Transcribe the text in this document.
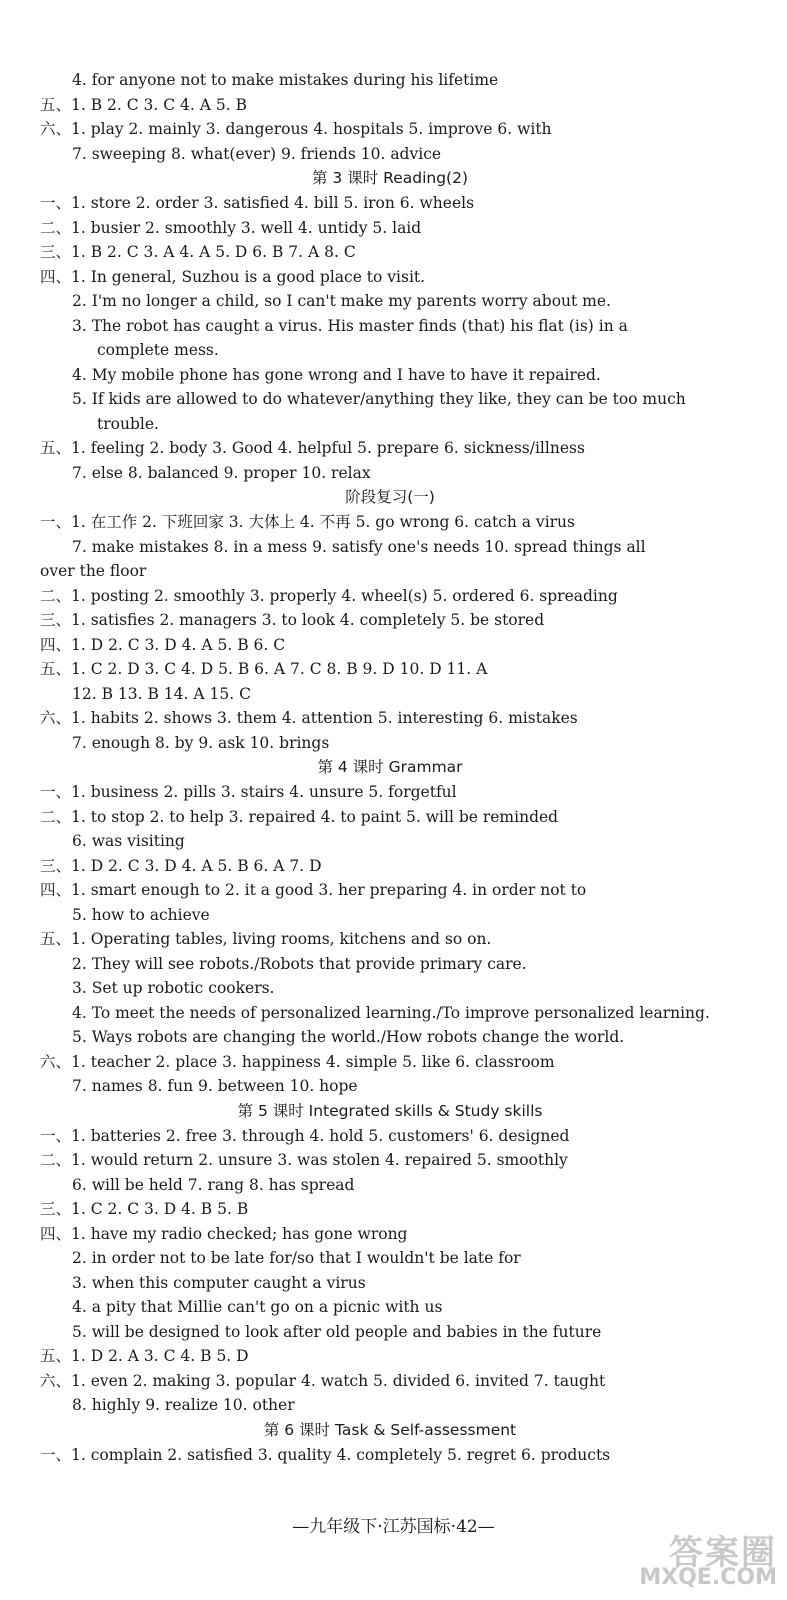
4. for anyone not to make mistakes during his lifetime
五、1. B 2. C 3. C 4. A 5. B
六、1. play 2. mainly 3. dangerous 4. hospitals 5. improve 6. with
7. sweeping 8. what(ever) 9. friends 10. advice
第 3 课时 Reading(2)
一、1. store 2. order 3. satisfied 4. bill 5. iron 6. wheels
二、1. busier 2. smoothly 3. well 4. untidy 5. laid
三、1. B 2. C 3. A 4. A 5. D 6. B 7. A 8. C
四、1. In general, Suzhou is a good place to visit.
2. I'm no longer a child, so I can't make my parents worry about me.
3. The robot has caught a virus. His master finds (that) his flat (is) in a
complete mess.
4. My mobile phone has gone wrong and I have to have it repaired.
5. If kids are allowed to do whatever/anything they like, they can be too much
trouble.
五、1. feeling 2. body 3. Good 4. helpful 5. prepare 6. sickness/illness
7. else 8. balanced 9. proper 10. relax
阶段复习(一)
一、1. 在工作 2. 下班回家 3. 大体上 4. 不再 5. go wrong 6. catch a virus
7. make mistakes 8. in a mess 9. satisfy one's needs 10. spread things all
over the floor
二、1. posting 2. smoothly 3. properly 4. wheel(s) 5. ordered 6. spreading
三、1. satisfies 2. managers 3. to look 4. completely 5. be stored
四、1. D 2. C 3. D 4. A 5. B 6. C
五、1. C 2. D 3. C 4. D 5. B 6. A 7. C 8. B 9. D 10. D 11. A
12. B 13. B 14. A 15. C
六、1. habits 2. shows 3. them 4. attention 5. interesting 6. mistakes
7. enough 8. by 9. ask 10. brings
第 4 课时 Grammar
一、1. business 2. pills 3. stairs 4. unsure 5. forgetful
二、1. to stop 2. to help 3. repaired 4. to paint 5. will be reminded
6. was visiting
三、1. D 2. C 3. D 4. A 5. B 6. A 7. D
四、1. smart enough to 2. it a good 3. her preparing 4. in order not to
5. how to achieve
五、1. Operating tables, living rooms, kitchens and so on.
2. They will see robots./Robots that provide primary care.
3. Set up robotic cookers.
4. To meet the needs of personalized learning./To improve personalized learning.
5. Ways robots are changing the world./How robots change the world.
六、1. teacher 2. place 3. happiness 4. simple 5. like 6. classroom
7. names 8. fun 9. between 10. hope
第 5 课时 Integrated skills & Study skills
一、1. batteries 2. free 3. through 4. hold 5. customers' 6. designed
二、1. would return 2. unsure 3. was stolen 4. repaired 5. smoothly
6. will be held 7. rang 8. has spread
三、1. C 2. C 3. D 4. B 5. B
四、1. have my radio checked; has gone wrong
2. in order not to be late for/so that I wouldn't be late for
3. when this computer caught a virus
4. a pity that Millie can't go on a picnic with us
5. will be designed to look after old people and babies in the future
五、1. D 2. A 3. C 4. B 5. D
六、1. even 2. making 3. popular 4. watch 5. divided 6. invited 7. taught
8. highly 9. realize 10. other
第 6 课时 Task & Self-assessment
一、1. complain 2. satisfied 3. quality 4. completely 5. regret 6. products
—九年级下·江苏国标·42—
答案圈
MXQE.COM
